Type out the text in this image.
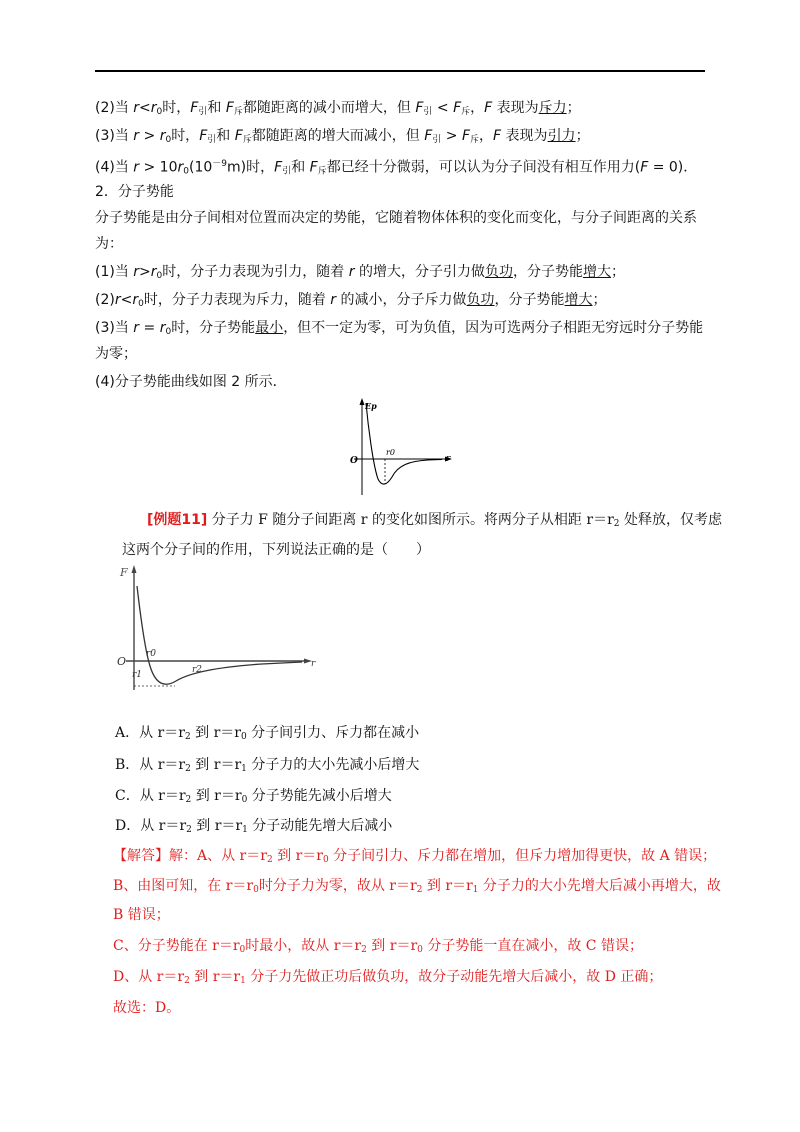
(2)当 $r<r_0$时，$F_引$和 $F_斥$都随距离的减小而增大，但 $F_引 < F_斥$，F 表现为斥力；
(3)当 $r > r_0$时，$F_引$和 $F_斥$都随距离的增大而减小，但 $F_引 > F_斥$，F 表现为引力；
(4)当 $r > 10r_0(10^{-9}m)$时，$F_引$和 $F_斥$都已经十分微弱，可以认为分子间没有相互作用力(F = 0)．
2．分子势能
分子势能是由分子间相对位置而决定的势能，它随着物体体积的变化而变化，与分子间距离的关系
为：
(1)当 $r>r_0$时，分子力表现为引力，随着 r 的增大，分子引力做负功，分子势能增大；
$(2)r<r_0$时，分子力表现为斥力，随着 r 的减小，分子斥力做负功，分子势能增大；
(3)当 $r = r_0$时，分子势能最小，但不一定为零，可为负值，因为可选两分子相距无穷远时分子势能
为零；
(4)分子势能曲线如图 2 所示．
Ep
O
r0
r
[例题11] 分子力 F 随分子间距离 r 的变化如图所示。将两分子从相距 $r=r_2$ 处释放，仅考虑
这两个分子间的作用，下列说法正确的是（　　）
F
O
r0
r1	r2
r
A．从 $r=r_2$ 到 $r=r_0$ 分子间引力、斥力都在减小
B．从 $r=r_2$ 到 $r=r_1$ 分子力的大小先减小后增大
C．从 $r=r_2$ 到 $r=r_0$ 分子势能先减小后增大
D．从 $r=r_2$ 到 $r=r_1$ 分子动能先增大后减小
【解答】解：A、从 $r=r_2$ 到 $r=r_0$ 分子间引力、斥力都在增加，但斥力增加得更快，故 A 错误；
B、由图可知，在 $r=r_0$时分子力为零，故从 $r=r_2$ 到 $r=r_1$ 分子力的大小先增大后减小再增大，故
B 错误；
C、分子势能在 $r=r_0$时最小，故从 $r=r_2$ 到 $r=r_0$ 分子势能一直在减小，故 C 错误；
D、从 $r=r_2$ 到 $r=r_1$ 分子力先做正功后做负功，故分子动能先增大后减小，故 D 正确；
故选：D。
